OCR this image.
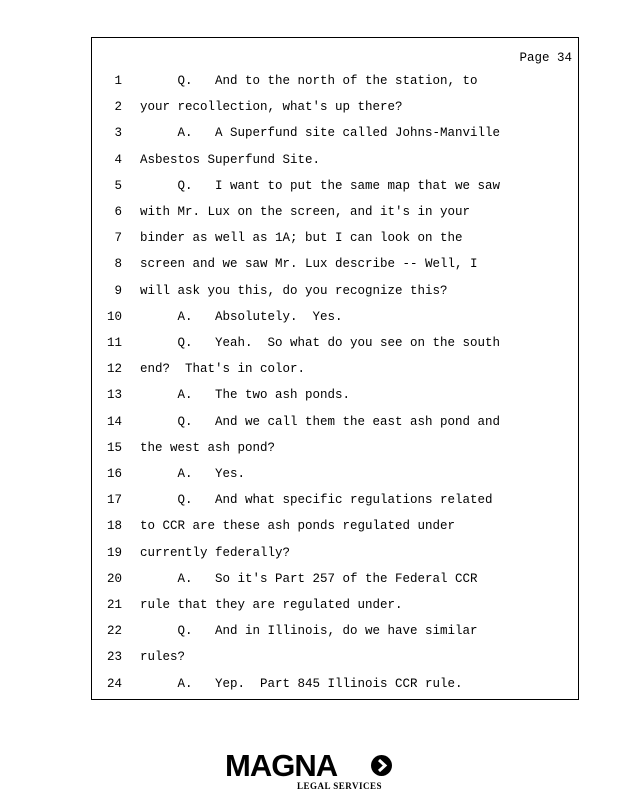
Page 34
1 Q.   And to the north of the station, to
2 your recollection, what's up there?
3 A.   A Superfund site called Johns-Manville
4 Asbestos Superfund Site.
5 Q.   I want to put the same map that we saw
6 with Mr. Lux on the screen, and it's in your
7 binder as well as 1A; but I can look on the
8 screen and we saw Mr. Lux describe -- Well, I
9 will ask you this, do you recognize this?
10 A.   Absolutely.  Yes.
11 Q.   Yeah.  So what do you see on the south
12 end?  That's in color.
13 A.   The two ash ponds.
14 Q.   And we call them the east ash pond and
15 the west ash pond?
16 A.   Yes.
17 Q.   And what specific regulations related
18 to CCR are these ash ponds regulated under
19 currently federally?
20 A.   So it's Part 257 of the Federal CCR
21 rule that they are regulated under.
22 Q.   And in Illinois, do we have similar
23 rules?
24 A.   Yep.  Part 845 Illinois CCR rule.
MAGNA
LEGAL SERVICES
